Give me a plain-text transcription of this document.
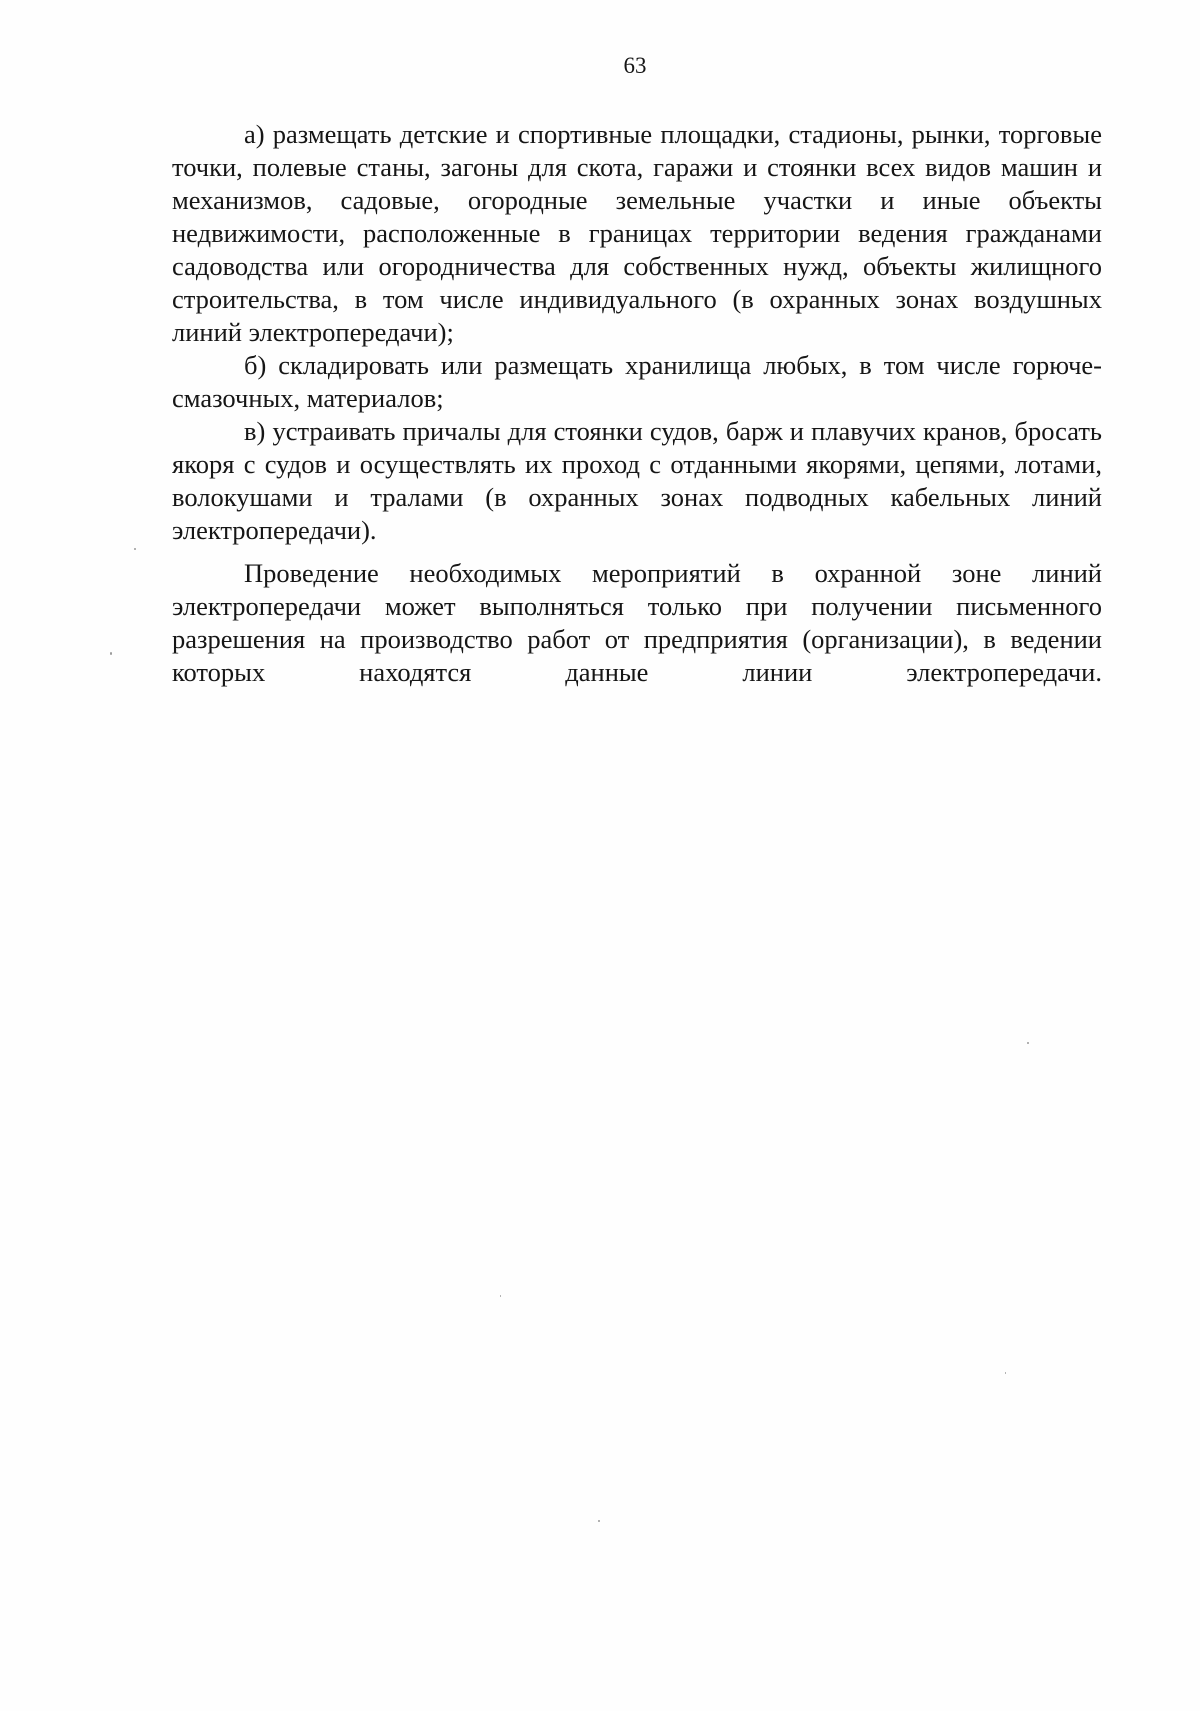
63

а) размещать детские и спортивные площадки, стадионы, рынки, торговые точки, полевые станы, загоны для скота, гаражи и стоянки всех видов машин и механизмов, садовые, огородные земельные участки и иные объекты недвижимости, расположенные в границах территории ведения гражданами садоводства или огородничества для собственных нужд, объекты жилищного строительства, в том числе индивидуального (в охранных зонах воздушных линий электропередачи);

б) складировать или размещать хранилища любых, в том числе горюче-смазочных, материалов;

в) устраивать причалы для стоянки судов, барж и плавучих кранов, бросать якоря с судов и осуществлять их проход с отданными якорями, цепями, лотами, волокушами и тралами (в охранных зонах подводных кабельных линий электропередачи).

Проведение необходимых мероприятий в охранной зоне линий электропередачи может выполняться только при получении письменного разрешения на производство работ от предприятия (организации), в ведении которых находятся данные линии электропередачи.
